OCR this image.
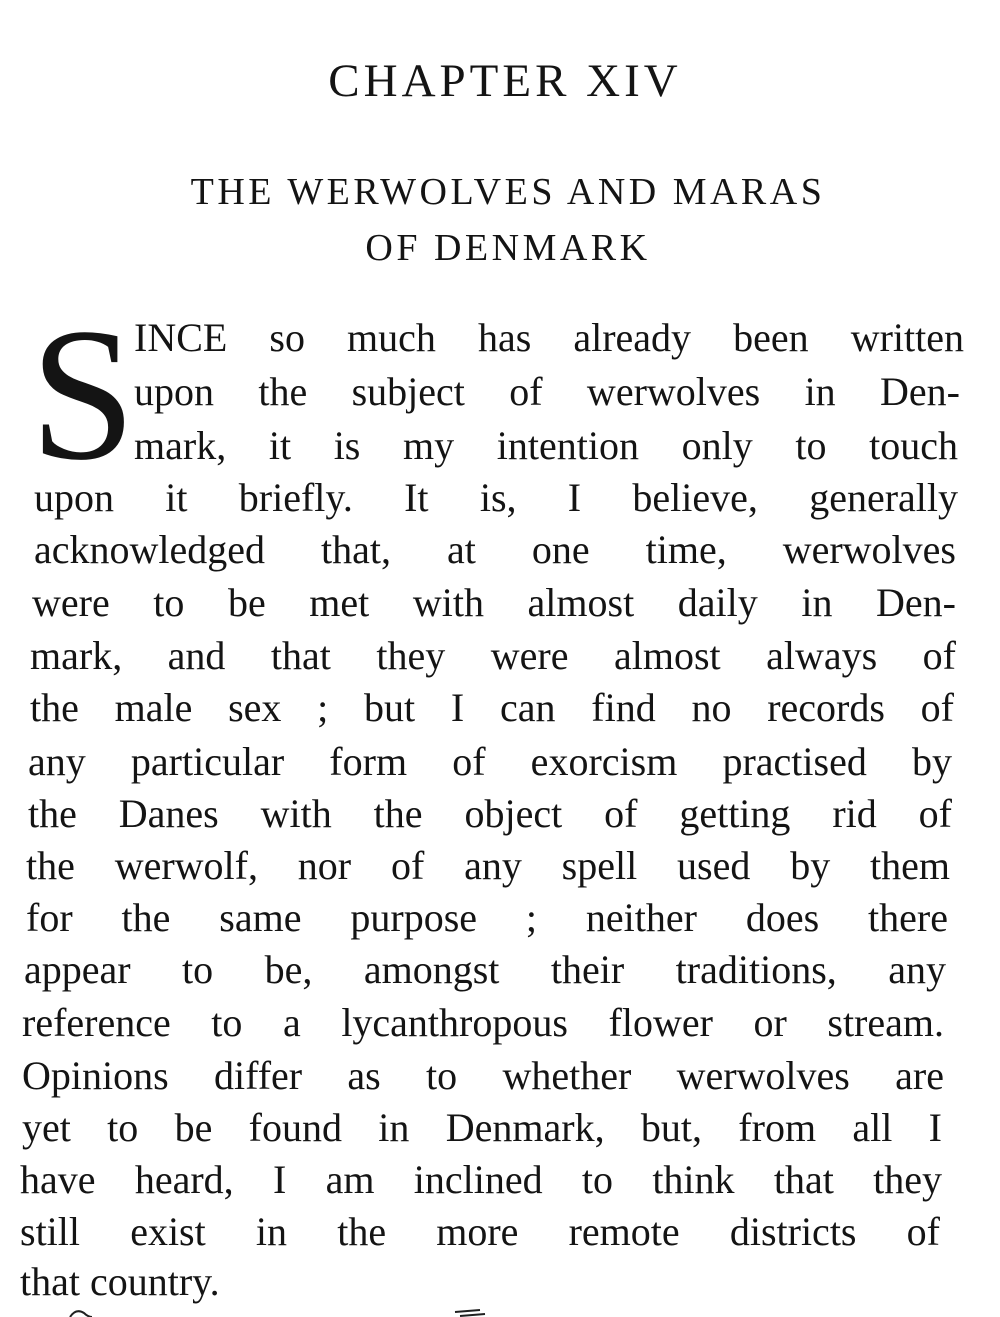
CHAPTER XIV
THE WERWOLVES AND MARAS
OF DENMARK
S
INCE so much has already been written
upon the subject of werwolves in Den-
mark, it is my intention only to touch
upon it briefly. It is, I believe, generally
acknowledged that, at one time, werwolves
were to be met with almost daily in Den-
mark, and that they were almost always of
the male sex ; but I can find no records of
any particular form of exorcism practised by
the Danes with the object of getting rid of
the werwolf, nor of any spell used by them
for the same purpose ; neither does there
appear to be, amongst their traditions, any
reference to a lycanthropous flower or stream.
Opinions differ as to whether werwolves are
yet to be found in Denmark, but, from all I
have heard, I am inclined to think that they
still exist in the more remote districts of
that country.
